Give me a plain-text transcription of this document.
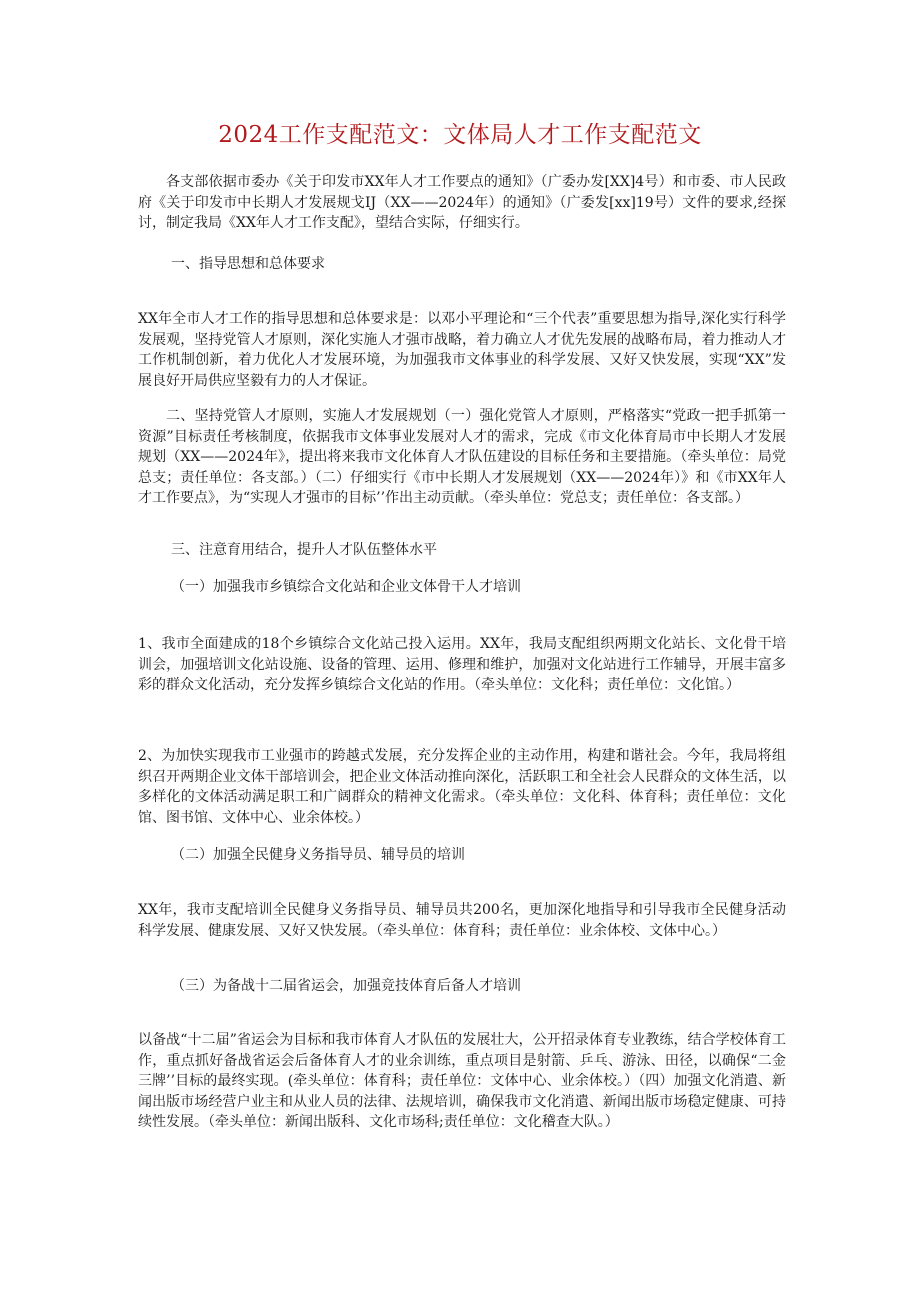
2024工作支配范文：文体局人才工作支配范文

各支部依据市委办《关于印发市XX年人才工作要点的通知》（广委办发[XX]4号）和市委、市人民政府《关于印发市中长期人才发展规戈IJ（XX——2024年）的通知》（广委发[xx]19号）文件的要求,经探讨，制定我局《XX年人才工作支配》，望结合实际，仔细实行。

一、指导思想和总体要求

XX年全市人才工作的指导思想和总体要求是：以邓小平理论和“三个代表”重要思想为指导,深化实行科学发展观，坚持党管人才原则，深化实施人才强市战略，着力确立人才优先发展的战略布局，着力推动人才工作机制创新，着力优化人才发展环境，为加强我市文体事业的科学发展、又好又快发展，实现“XX”发展良好开局供应坚毅有力的人才保证。

二、坚持党管人才原则，实施人才发展规划（一）强化党管人才原则，严格落实“党政一把手抓第一资源”目标责任考核制度，依据我市文体事业发展对人才的需求，完成《市文化体育局市中长期人才发展规划（XX——2024年》，提出将来我市文化体育人才队伍建设的目标任务和主要措施。（牵头单位：局党总支；责任单位：各支部。）（二）仔细实行《市中长期人才发展规划（XX——2024年）》和《市XX年人才工作要点》，为“实现人才强市的目标’’作出主动贡献。（牵头单位：党总支；责任单位：各支部。）

三、注意育用结合，提升人才队伍整体水平

（一）加强我市乡镇综合文化站和企业文体骨干人才培训

1、我市全面建成的18个乡镇综合文化站己投入运用。XX年，我局支配组织两期文化站长、文化骨干培训会，加强培训文化站设施、设备的管理、运用、修理和维护，加强对文化站进行工作辅导，开展丰富多彩的群众文化活动，充分发挥乡镇综合文化站的作用。（牵头单位：文化科；责任单位：文化馆。）

2、为加快实现我市工业强市的跨越式发展，充分发挥企业的主动作用，构建和谐社会。今年，我局将组织召开两期企业文体干部培训会，把企业文体活动推向深化，活跃职工和全社会人民群众的文体生活，以多样化的文体活动满足职工和广阔群众的精神文化需求。（牵头单位：文化科、体育科；责任单位：文化馆、图书馆、文体中心、业余体校。）

（二）加强全民健身义务指导员、辅导员的培训

XX年，我市支配培训全民健身义务指导员、辅导员共200名，更加深化地指导和引导我市全民健身活动科学发展、健康发展、又好又快发展。（牵头单位：体育科；责任单位：业余体校、文体中心。）

（三）为备战十二届省运会，加强竞技体育后备人才培训

以备战“十二届”省运会为目标和我市体育人才队伍的发展壮大，公开招录体育专业教练，结合学校体育工作，重点抓好备战省运会后备体育人才的业余训练，重点项目是射箭、乒乓、游泳、田径，以确保“二金三牌’’目标的最终实现。(牵头单位：体育科；责任单位：文体中心、业余体校。）（四）加强文化消遣、新闻出版市场经营户业主和从业人员的法律、法规培训，确保我市文化消遣、新闻出版市场稳定健康、可持续性发展。（牵头单位：新闻出版科、文化市场科;责任单位：文化稽查大队。）
